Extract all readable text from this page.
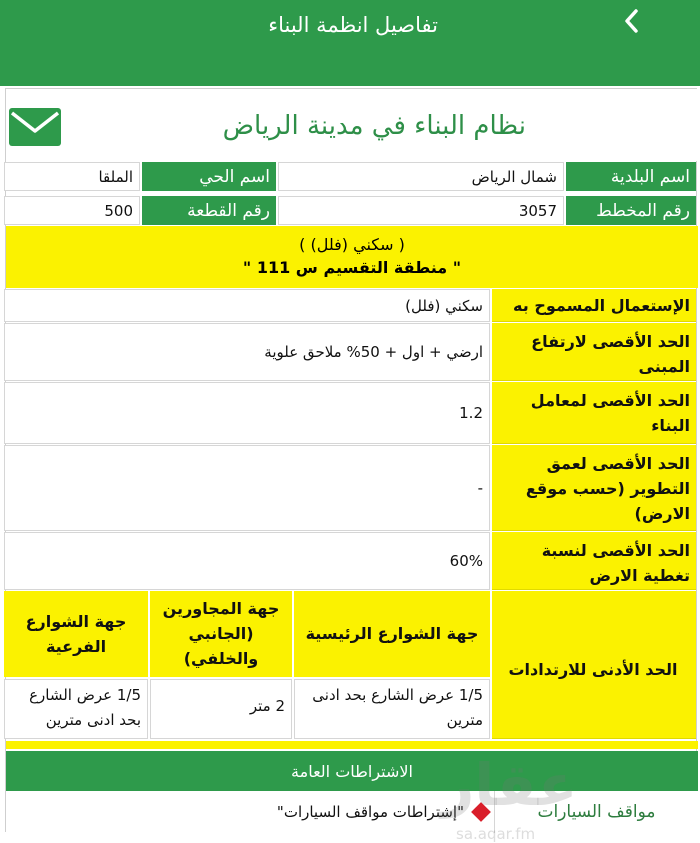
تفاصيل انظمة البناء
نظام البناء في مدينة الرياض
اسم البلدية
شمال الرياض
اسم الحي
الملقا
رقم المخطط
3057
رقم القطعة
500
( سكني (فلل) )
" منطقة التقسيم س 111 "
الإستعمال المسموح به
سكني (فلل)
الحد الأقصى لارتفاع المبنى
ارضي + اول + 50% ملاحق علوية
الحد الأقصى لمعامل البناء
1.2
الحد الأقصى لعمق التطوير (حسب موقع الارض)
-
الحد الأقصى لنسبة تغطية الارض
60%
الحد الأدنى للارتدادات
جهة الشوارع الرئيسية
جهة المجاورين (الجانبي والخلفي)
جهة الشوارع الفرعية
1/5 عرض الشارع بحد ادنى مترين
2 متر
1/5 عرض الشارع بحد ادنى مترين
الاشتراطات العامة
مواقف السيارات
"إشتراطات مواقف السيارات"
عقار
sa.aqar.fm
